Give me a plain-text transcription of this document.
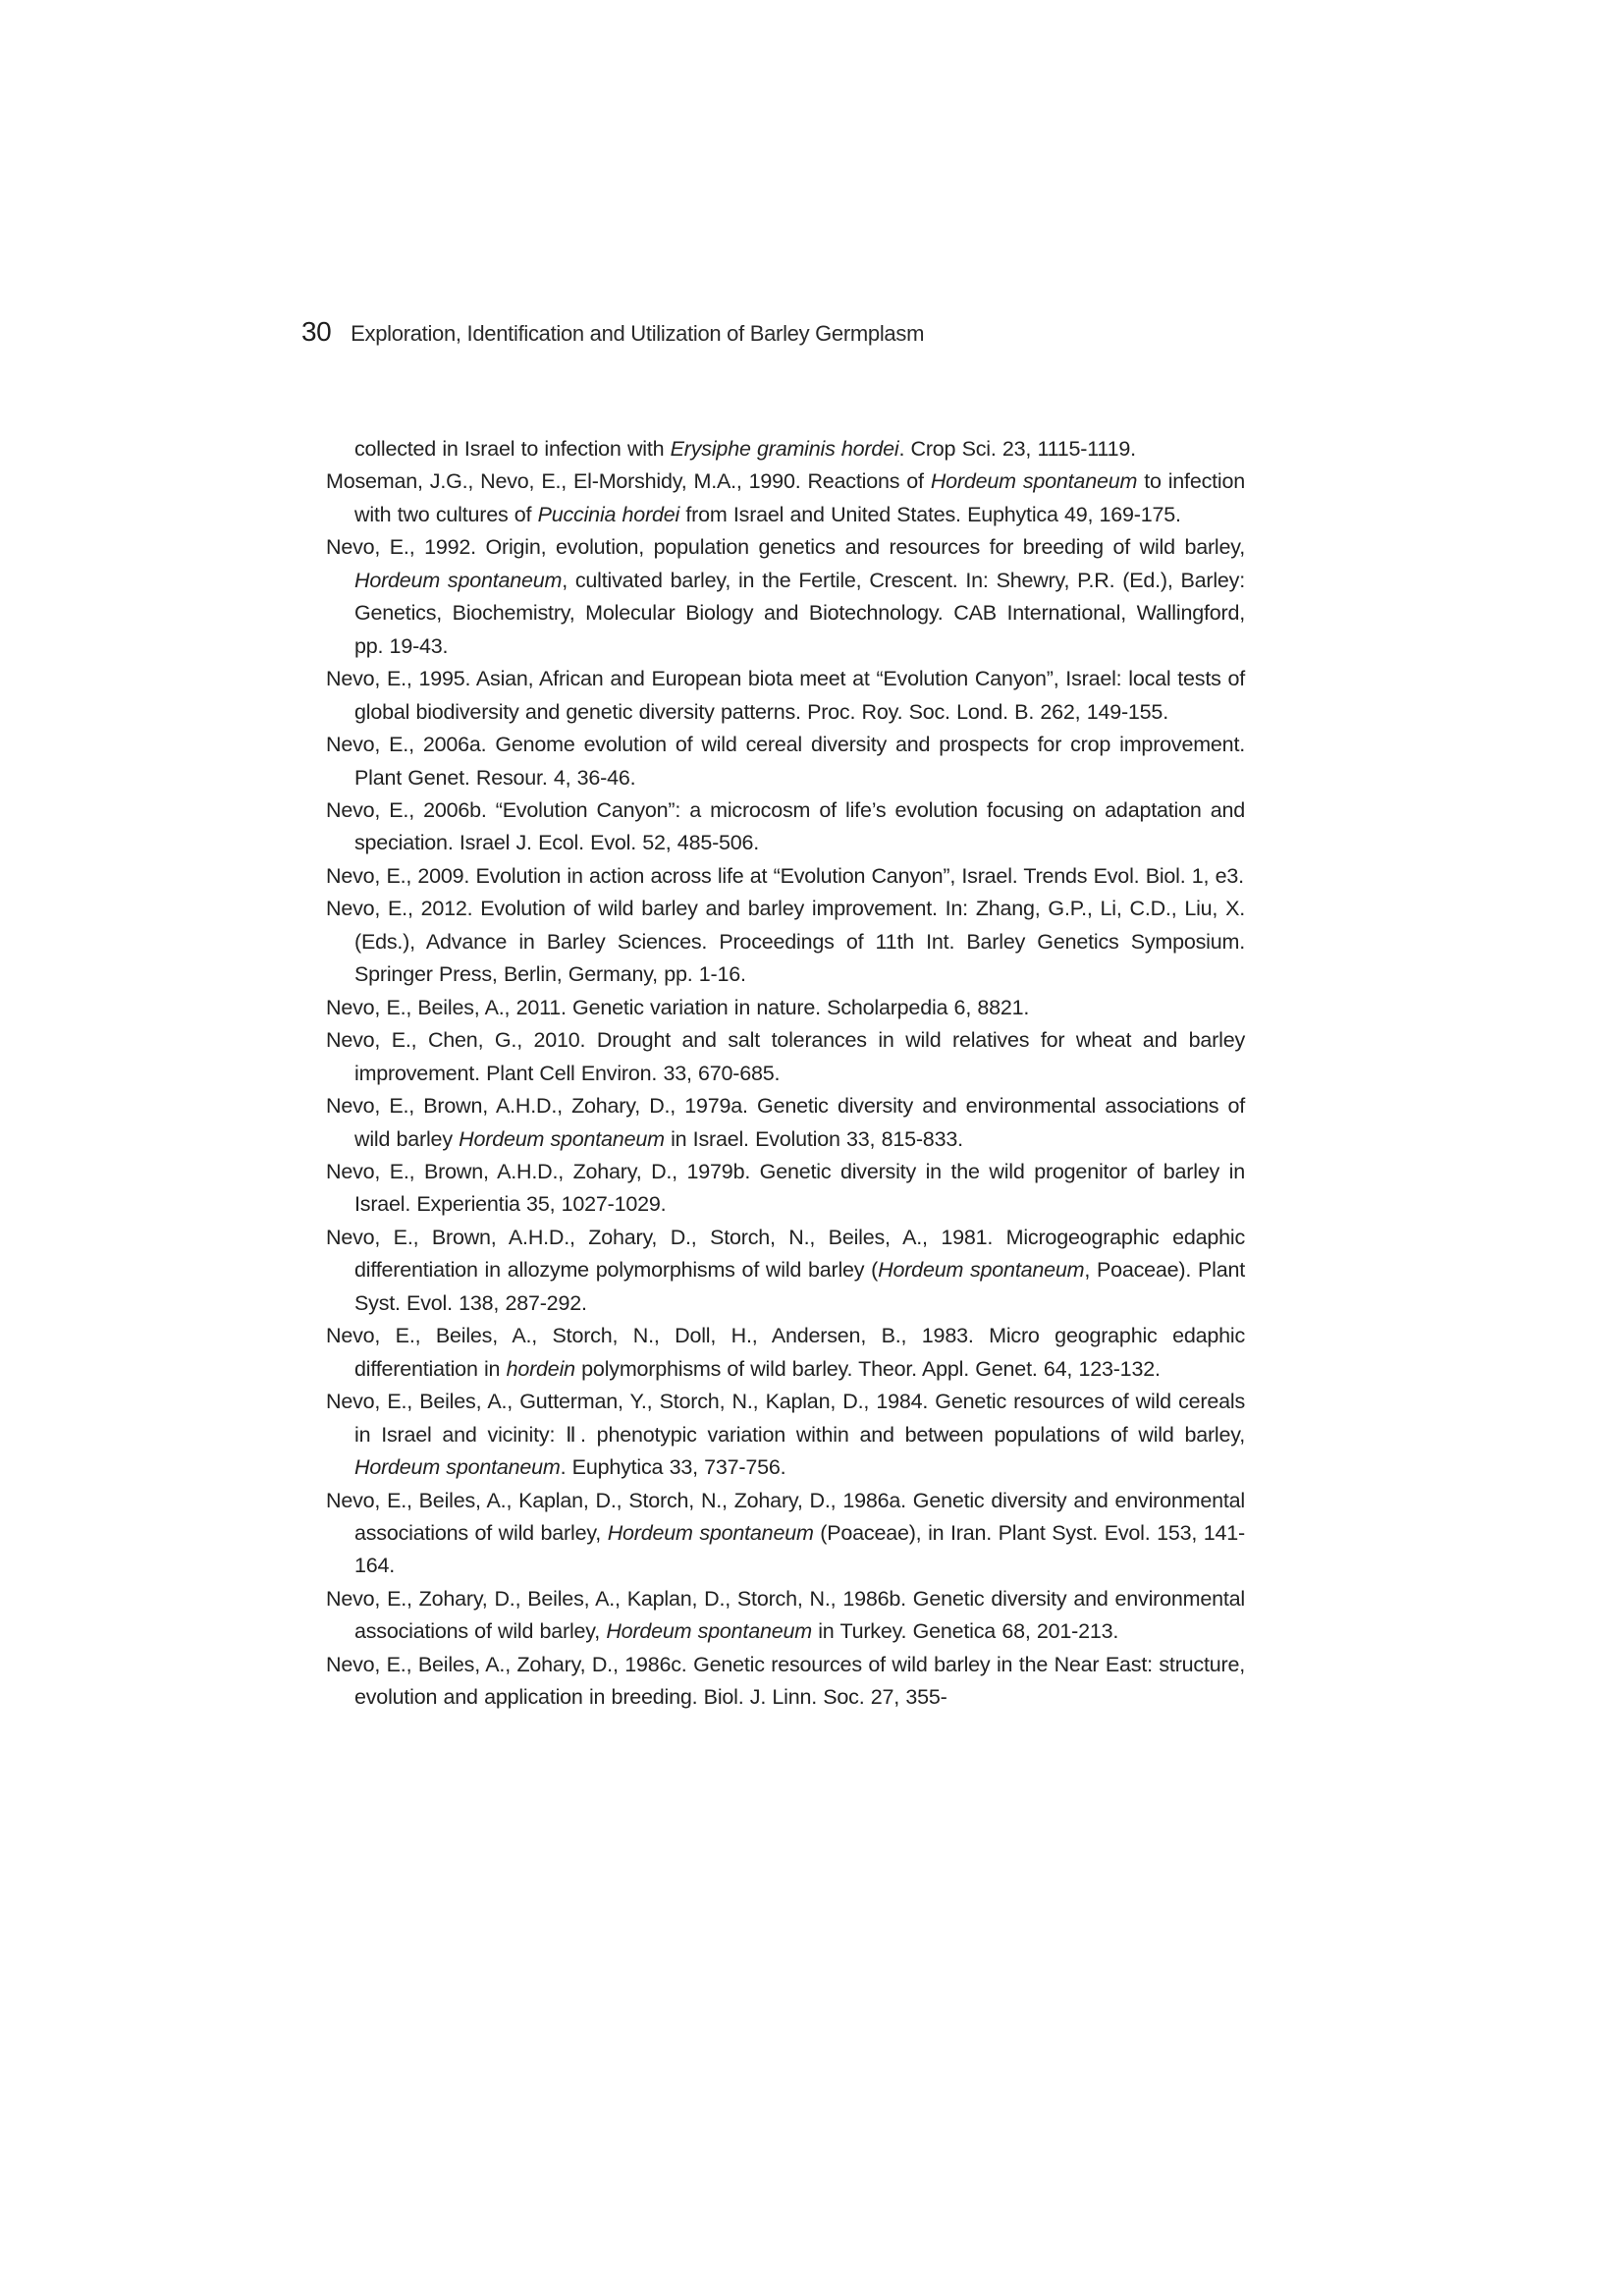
30 Exploration, Identification and Utilization of Barley Germplasm

collected in Israel to infection with Erysiphe graminis hordei. Crop Sci. 23, 1115-1119.

Moseman, J.G., Nevo, E., El-Morshidy, M.A., 1990. Reactions of Hordeum spontaneum to infection with two cultures of Puccinia hordei from Israel and United States. Euphytica 49, 169-175.

Nevo, E., 1992. Origin, evolution, population genetics and resources for breeding of wild barley, Hordeum spontaneum, cultivated barley, in the Fertile, Crescent. In: Shewry, P.R. (Ed.), Barley: Genetics, Biochemistry, Molecular Biology and Biotechnology. CAB International, Wallingford, pp. 19-43.

Nevo, E., 1995. Asian, African and European biota meet at “Evolution Canyon”, Israel: local tests of global biodiversity and genetic diversity patterns. Proc. Roy. Soc. Lond. B. 262, 149-155.

Nevo, E., 2006a. Genome evolution of wild cereal diversity and prospects for crop improvement. Plant Genet. Resour. 4, 36-46.

Nevo, E., 2006b. “Evolution Canyon”: a microcosm of life’s evolution focusing on adaptation and speciation. Israel J. Ecol. Evol. 52, 485-506.

Nevo, E., 2009. Evolution in action across life at “Evolution Canyon”, Israel. Trends Evol. Biol. 1, e3.

Nevo, E., 2012. Evolution of wild barley and barley improvement. In: Zhang, G.P., Li, C.D., Liu, X. (Eds.), Advance in Barley Sciences. Proceedings of 11th Int. Barley Genetics Symposium. Springer Press, Berlin, Germany, pp. 1-16.

Nevo, E., Beiles, A., 2011. Genetic variation in nature. Scholarpedia 6, 8821.

Nevo, E., Chen, G., 2010. Drought and salt tolerances in wild relatives for wheat and barley improvement. Plant Cell Environ. 33, 670-685.

Nevo, E., Brown, A.H.D., Zohary, D., 1979a. Genetic diversity and environmental associations of wild barley Hordeum spontaneum in Israel. Evolution 33, 815-833.

Nevo, E., Brown, A.H.D., Zohary, D., 1979b. Genetic diversity in the wild progenitor of barley in Israel. Experientia 35, 1027-1029.

Nevo, E., Brown, A.H.D., Zohary, D., Storch, N., Beiles, A., 1981. Microgeographic edaphic differentiation in allozyme polymorphisms of wild barley (Hordeum spontaneum, Poaceae). Plant Syst. Evol. 138, 287-292.

Nevo, E., Beiles, A., Storch, N., Doll, H., Andersen, B., 1983. Micro geographic edaphic differentiation in hordein polymorphisms of wild barley. Theor. Appl. Genet. 64, 123-132.

Nevo, E., Beiles, A., Gutterman, Y., Storch, N., Kaplan, D., 1984. Genetic resources of wild cereals in Israel and vicinity: Ⅱ. phenotypic variation within and between populations of wild barley, Hordeum spontaneum. Euphytica 33, 737-756.

Nevo, E., Beiles, A., Kaplan, D., Storch, N., Zohary, D., 1986a. Genetic diversity and environmental associations of wild barley, Hordeum spontaneum (Poaceae), in Iran. Plant Syst. Evol. 153, 141-164.

Nevo, E., Zohary, D., Beiles, A., Kaplan, D., Storch, N., 1986b. Genetic diversity and environmental associations of wild barley, Hordeum spontaneum in Turkey. Genetica 68, 201-213.

Nevo, E., Beiles, A., Zohary, D., 1986c. Genetic resources of wild barley in the Near East: structure, evolution and application in breeding. Biol. J. Linn. Soc. 27, 355-
